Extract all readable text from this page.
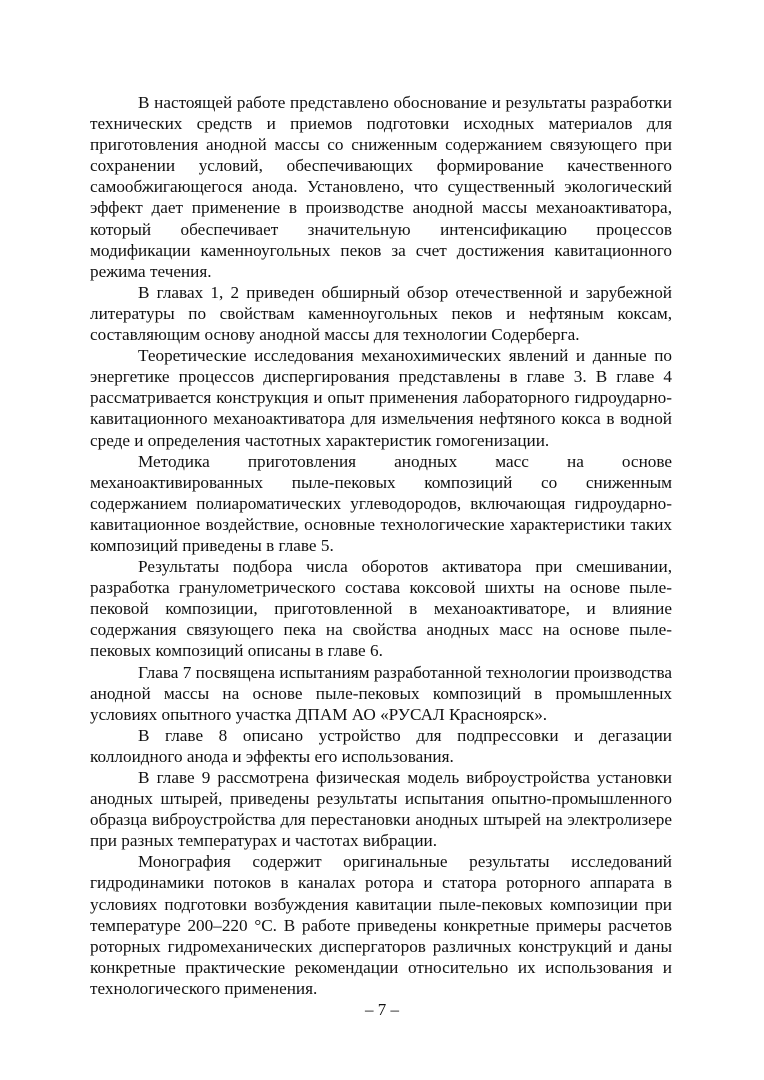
В настоящей работе представлено обоснование и результаты разработки технических средств и приемов подготовки исходных материалов для приготовления анодной массы со сниженным содержанием связующего при сохранении условий, обеспечивающих формирование качественного самообжигающегося анода. Установлено, что существенный экологический эффект дает применение в производстве анодной массы механоактиватора, который обеспечивает значительную интенсификацию процессов модификации каменноугольных пеков за счет достижения кавитационного режима течения.

В главах 1, 2 приведен обширный обзор отечественной и зарубежной литературы по свойствам каменноугольных пеков и нефтяным коксам, составляющим основу анодной массы для технологии Содерберга.

Теоретические исследования механохимических явлений и данные по энергетике процессов диспергирования представлены в главе 3. В главе 4 рассматривается конструкция и опыт применения лабораторного гидроударно-кавитационного механоактиватора для измельчения нефтяного кокса в водной среде и определения частотных характеристик гомогенизации.

Методика приготовления анодных масс на основе механоактивированных пыле-пековых композиций со сниженным содержанием полиароматических углеводородов, включающая гидроударно-кавитационное воздействие, основные технологические характеристики таких композиций приведены в главе 5.

Результаты подбора числа оборотов активатора при смешивании, разработка гранулометрического состава коксовой шихты на основе пыле-пековой композиции, приготовленной в механоактиваторе, и влияние содержания связующего пека на свойства анодных масс на основе пыле-пековых композиций описаны в главе 6.

Глава 7 посвящена испытаниям разработанной технологии производства анодной массы на основе пыле-пековых композиций в промышленных условиях опытного участка ДПАМ АО «РУСАЛ Красноярск».

В главе 8 описано устройство для подпрессовки и дегазации коллоидного анода и эффекты его использования.

В главе 9 рассмотрена физическая модель виброустройства установки анодных штырей, приведены результаты испытания опытно-промышленного образца виброустройства для перестановки анодных штырей на электролизере при разных температурах и частотах вибрации.

Монография содержит оригинальные результаты исследований гидродинамики потоков в каналах ротора и статора роторного аппарата в условиях подготовки возбуждения кавитации пыле-пековых композиции при температуре 200–220 °С. В работе приведены конкретные примеры расчетов роторных гидромеханических диспергаторов различных конструкций и даны конкретные практические рекомендации относительно их использования и технологического применения.

– 7 –
